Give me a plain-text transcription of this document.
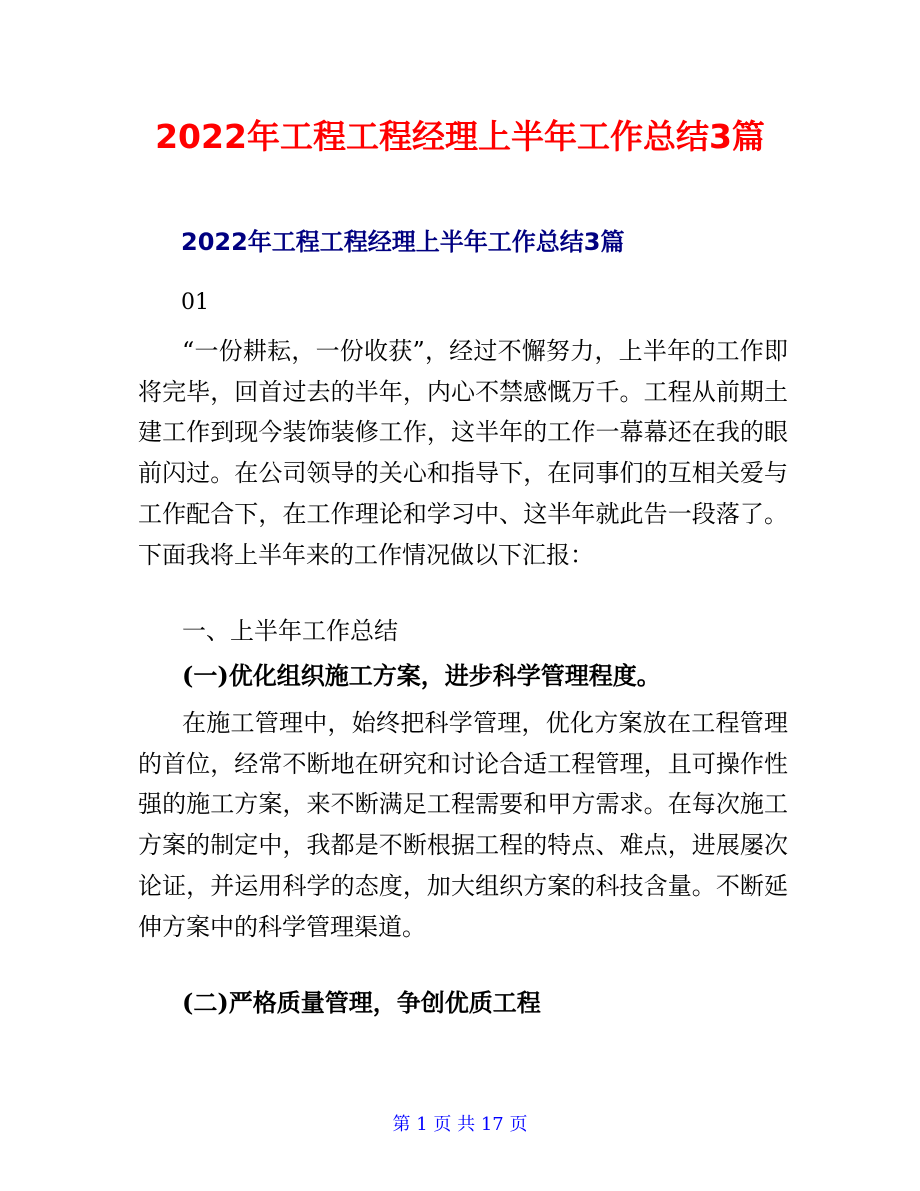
2022年工程工程经理上半年工作总结3篇
2022年工程工程经理上半年工作总结3篇
01
“一份耕耘，一份收获”，经过不懈努力，上半年的工作即将完毕，回首过去的半年，内心不禁感慨万千。工程从前期土建工作到现今装饰装修工作，这半年的工作一幕幕还在我的眼前闪过。在公司领导的关心和指导下，在同事们的互相关爱与工作配合下，在工作理论和学习中、这半年就此告一段落了。下面我将上半年来的工作情况做以下汇报：
一、上半年工作总结
(一)优化组织施工方案，进步科学管理程度。
在施工管理中，始终把科学管理，优化方案放在工程管理的首位，经常不断地在研究和讨论合适工程管理，且可操作性强的施工方案，来不断满足工程需要和甲方需求。在每次施工方案的制定中，我都是不断根据工程的特点、难点，进展屡次论证，并运用科学的态度，加大组织方案的科技含量。不断延伸方案中的科学管理渠道。
(二)严格质量管理，争创优质工程
第 1 页 共 17 页
